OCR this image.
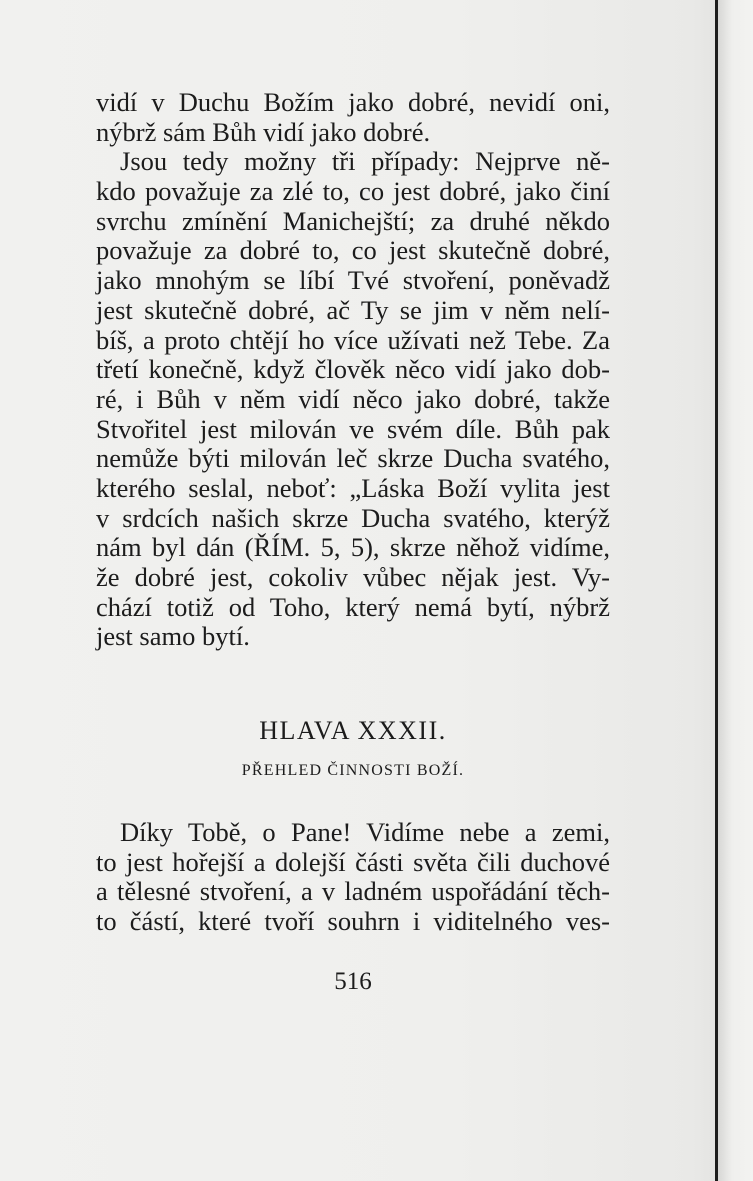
vidí v Duchu Božím jako dobré, nevidí oni,
nýbrž sám Bůh vidí jako dobré.
Jsou tedy možny tři případy: Nejprve ně-
kdo považuje za zlé to, co jest dobré, jako činí
svrchu zmínění Manichejští; za druhé někdo
považuje za dobré to, co jest skutečně dobré,
jako mnohým se líbí Tvé stvoření, poněvadž
jest skutečně dobré, ač Ty se jim v něm nelí-
bíš, a proto chtějí ho více užívati než Tebe. Za
třetí konečně, když člověk něco vidí jako dob-
ré, i Bůh v něm vidí něco jako dobré, takže
Stvořitel jest milován ve svém díle. Bůh pak
nemůže býti milován leč skrze Ducha svatého,
kterého seslal, neboť: „Láska Boží vylita jest
v srdcích našich skrze Ducha svatého, kterýž
nám byl dán (ŘÍM. 5, 5), skrze něhož vidíme,
že dobré jest, cokoliv vůbec nějak jest. Vy-
chází totiž od Toho, který nemá bytí, nýbrž
jest samo bytí.
HLAVA XXXII.
PŘEHLED ČINNOSTI BOŽÍ.
Díky Tobě, o Pane! Vidíme nebe a zemi,
to jest hořejší a dolejší části světa čili duchové
a tělesné stvoření, a v ladném uspořádání těch-
to částí, které tvoří souhrn i viditelného ves-
516
